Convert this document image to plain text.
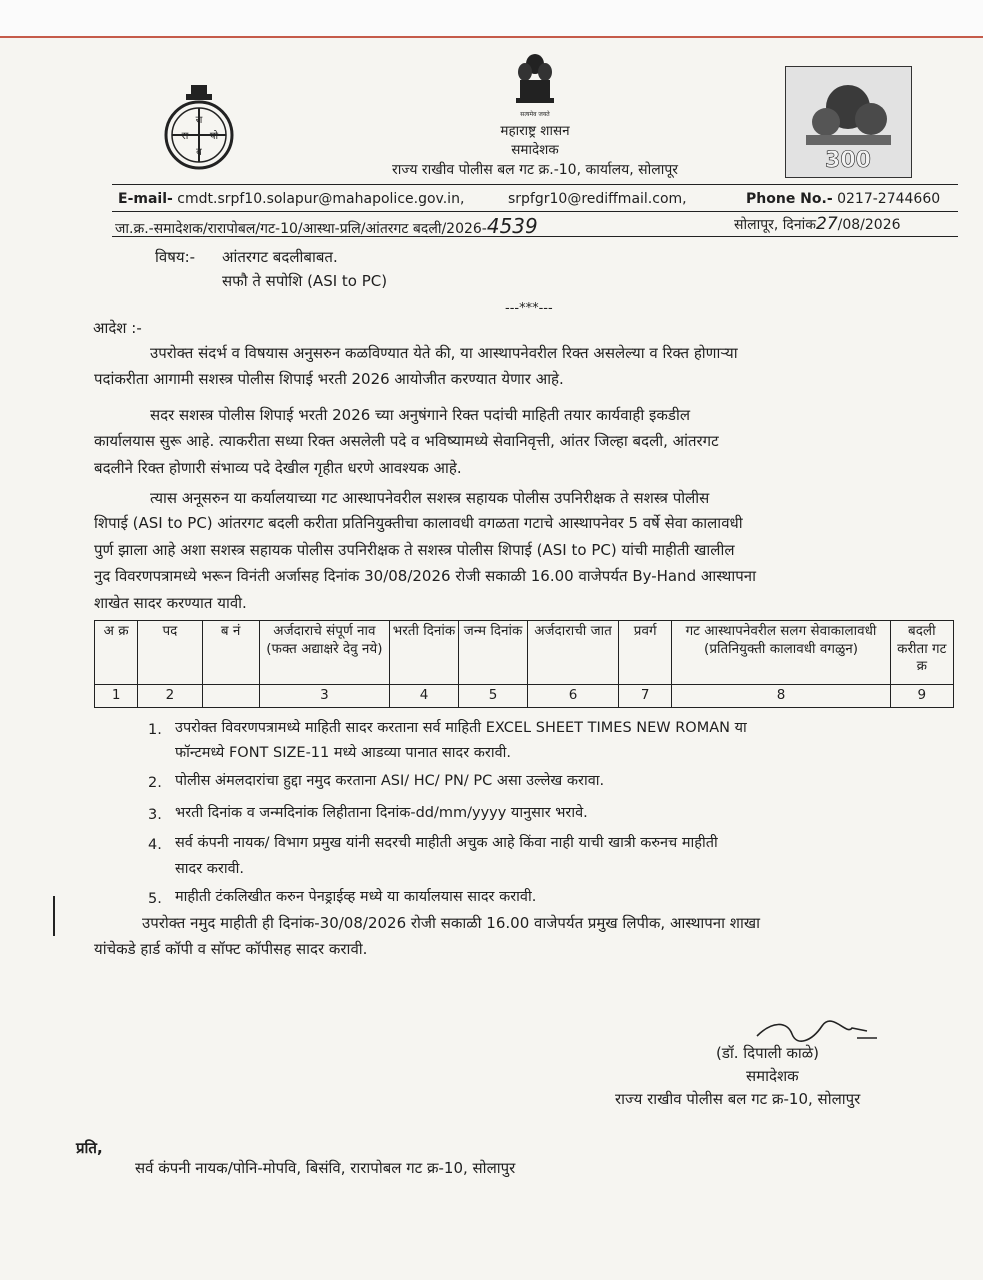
रा
रा पो
ब
सत्यमेव जयते
300
महाराष्ट्र शासन
समादेशक
राज्य राखीव पोलीस बल गट क्र.-10, कार्यालय, सोलापूर
E-mail- cmdt.srpf10.solapur@mahapolice.gov.in,	srpfgr10@rediffmail.com,	Phone No.- 0217-2744660
जा.क्र.-समादेशक/रारापोबल/गट-10/आस्था-प्रलि/आंतरगट बदली/2026-4539	सोलापूर, दिनांक27/08/2026
विषय:- आंतरगट बदलीबाबत.
सफौ ते सपोशि (ASI to PC)
---***---
आदेश :-
उपरोक्त संदर्भ व विषयास अनुसरुन कळविण्यात येते की, या आस्थापनेवरील रिक्त असलेल्या व रिक्त होणाऱ्या
पदांकरीता आगामी सशस्त्र पोलीस शिपाई भरती 2026 आयोजीत करण्यात येणार आहे.
सदर सशस्त्र पोलीस शिपाई भरती 2026 च्या अनुषंगाने रिक्त पदांची माहिती तयार कार्यवाही इकडील
कार्यालयास सुरू आहे. त्याकरीता सध्या रिक्त असलेली पदे व भविष्यामध्ये सेवानिवृत्ती, आंतर जिल्हा बदली, आंतरगट
बदलीने रिक्त होणारी संभाव्य पदे देखील गृहीत धरणे आवश्यक आहे.
त्यास अनूसरुन या कर्यालयाच्या गट आस्थापनेवरील सशस्त्र सहायक पोलीस उपनिरीक्षक ते सशस्त्र पोलीस
शिपाई (ASI to PC) आंतरगट बदली करीता प्रतिनियुक्तीचा कालावधी वगळता गटाचे आस्थापनेवर 5 वर्षे सेवा कालावधी
पुर्ण झाला आहे अशा सशस्त्र सहायक पोलीस उपनिरीक्षक ते सशस्त्र पोलीस शिपाई (ASI to PC) यांची माहीती खालील
नुद विवरणपत्रामध्ये भरून विनंती अर्जासह दिनांक 30/08/2026 रोजी सकाळी 16.00 वाजेपर्यत By-Hand आस्थापना
शाखेत सादर करण्यात यावी.
अ क्र	पद	ब नं	अर्जदाराचे संपूर्ण नाव (फक्त अद्याक्षरे देवु नये)	भरती दिनांक	जन्म दिनांक	अर्जदाराची जात	प्रवर्ग	गट आस्थापनेवरील सलग सेवाकालावधी (प्रतिनियुक्ती कालावधी वगळुन)	बदली करीता गट क्र
1	2		3	4	5	6	7	8	9
1. उपरोक्त विवरणपत्रामध्ये माहिती सादर करताना सर्व माहिती EXCEL SHEET TIMES NEW ROMAN या
फॉन्टमध्ये FONT SIZE-11 मध्ये आडव्या पानात सादर करावी.
2. पोलीस अंमलदारांचा हुद्दा नमुद करताना ASI/ HC/ PN/ PC असा उल्लेख करावा.
3. भरती दिनांक व जन्मदिनांक लिहीताना दिनांक-dd/mm/yyyy यानुसार भरावे.
4. सर्व कंपनी नायक/ विभाग प्रमुख यांनी सदरची माहीती अचुक आहे किंवा नाही याची खात्री करुनच माहीती
सादर करावी.
5. माहीती टंकलिखीत करुन पेनड्राईव्ह मध्ये या कार्यालयास सादर करावी.
उपरोक्त नमुद माहीती ही दिनांक-30/08/2026 रोजी सकाळी 16.00 वाजेपर्यत प्रमुख लिपीक, आस्थापना शाखा
यांचेकडे हार्ड कॉपी व सॉफ्ट कॉपीसह सादर करावी.
(डॉ. दिपाली काळे)
समादेशक
राज्य राखीव पोलीस बल गट क्र-10, सोलापुर
प्रति,
सर्व कंपनी नायक/पोनि-मोपवि, बिसंवि, रारापोबल गट क्र-10, सोलापुर
